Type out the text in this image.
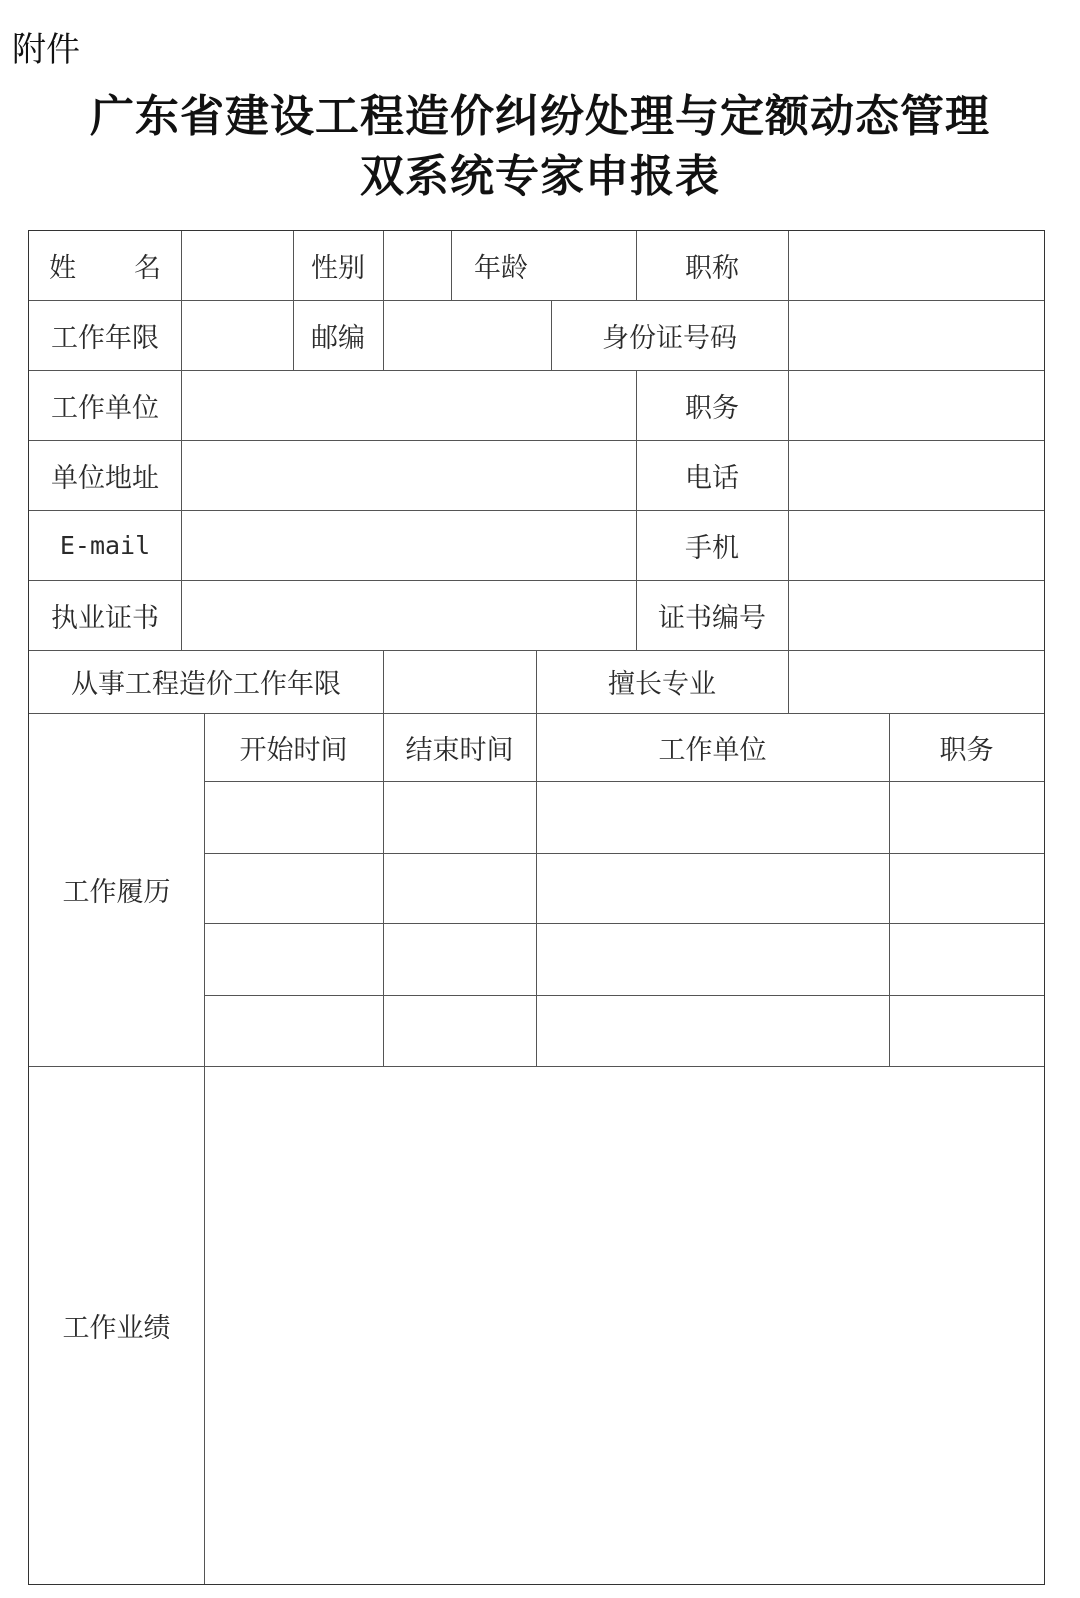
附件
广东省建设工程造价纠纷处理与定额动态管理
双系统专家申报表
姓 名	性别	年龄	职称
工作年限	邮编	身份证号码
工作单位	职务
单位地址	电话
E-mail	手机
执业证书	证书编号
从事工程造价工作年限	擅长专业
工作履历
开始时间	结束时间	工作单位	职务
工作业绩
